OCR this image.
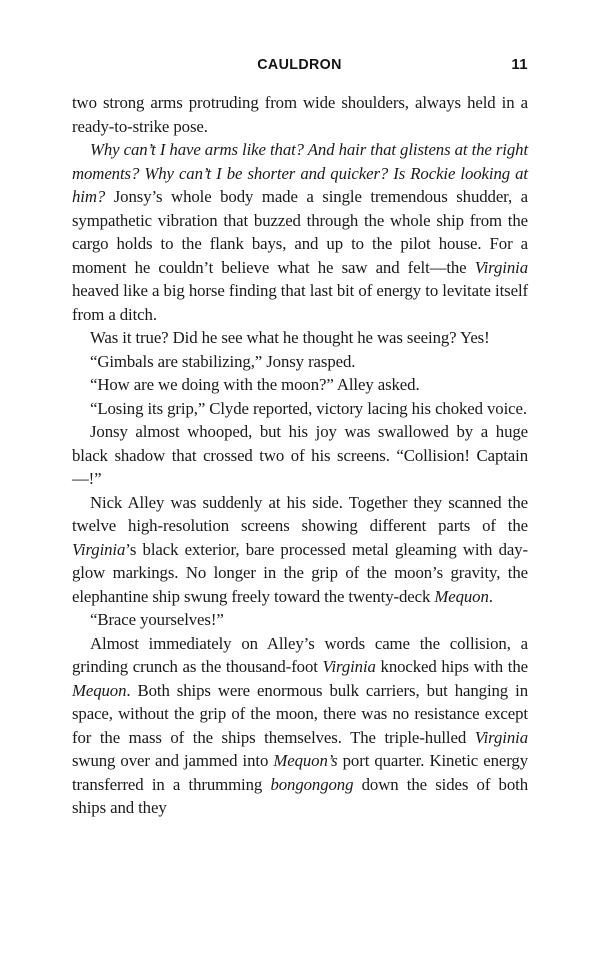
CAULDRON	11

two strong arms protruding from wide shoulders, always held in a ready-to-strike pose.

Why can’t I have arms like that? And hair that glistens at the right moments? Why can’t I be shorter and quicker? Is Rockie looking at him? Jonsy’s whole body made a single tremendous shudder, a sympathetic vibration that buzzed through the whole ship from the cargo holds to the flank bays, and up to the pilot house. For a moment he couldn’t believe what he saw and felt—the Virginia heaved like a big horse finding that last bit of energy to levitate itself from a ditch.

Was it true? Did he see what he thought he was seeing? Yes!

“Gimbals are stabilizing,” Jonsy rasped.

“How are we doing with the moon?” Alley asked.

“Losing its grip,” Clyde reported, victory lacing his choked voice.

Jonsy almost whooped, but his joy was swallowed by a huge black shadow that crossed two of his screens. “Collision! Captain—!”

Nick Alley was suddenly at his side. Together they scanned the twelve high-resolution screens showing different parts of the Virginia’s black exterior, bare processed metal gleaming with day-glow markings. No longer in the grip of the moon’s gravity, the elephantine ship swung freely toward the twenty-deck Mequon.

“Brace yourselves!”

Almost immediately on Alley’s words came the collision, a grinding crunch as the thousand-foot Virginia knocked hips with the Mequon. Both ships were enormous bulk carriers, but hanging in space, without the grip of the moon, there was no resistance except for the mass of the ships themselves. The triple-hulled Virginia swung over and jammed into Mequon’s port quarter. Kinetic energy transferred in a thrumming bongongong down the sides of both ships and they
